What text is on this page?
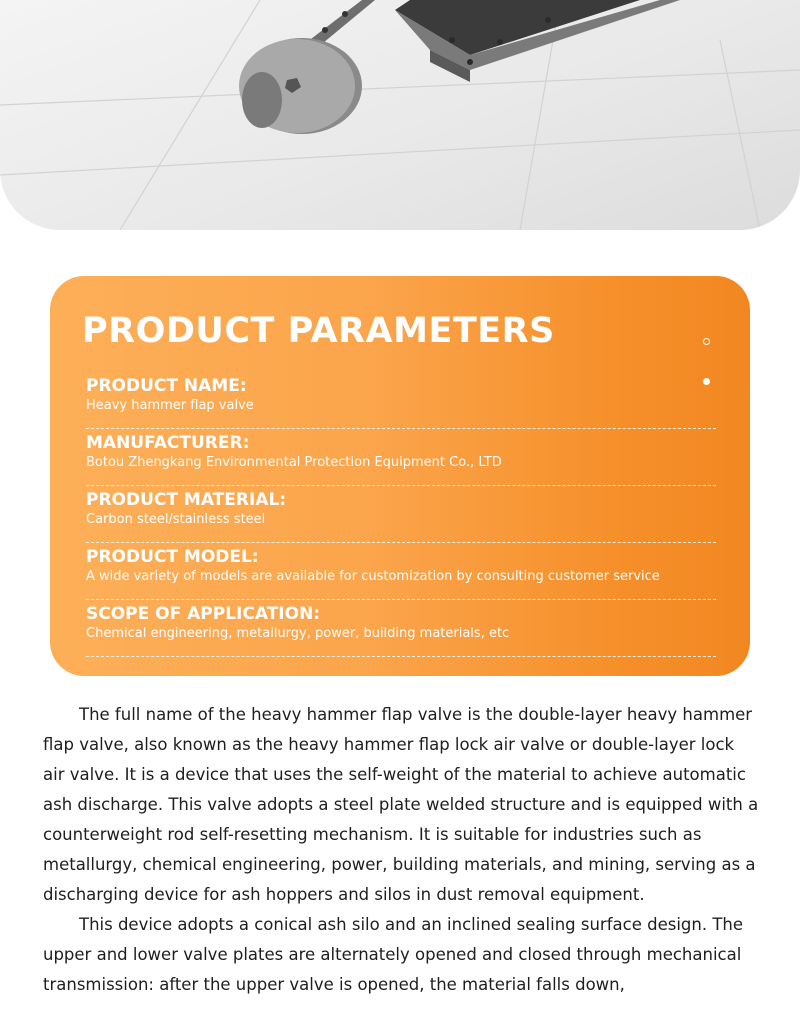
PRODUCT PARAMETERS
PRODUCT NAME:
Heavy hammer flap valve
MANUFACTURER:
Botou Zhengkang Environmental Protection Equipment Co., LTD
PRODUCT MATERIAL:
Carbon steel/stainless steel
PRODUCT MODEL:
A wide variety of models are available for customization by consulting customer service
SCOPE OF APPLICATION:
Chemical engineering, metallurgy, power, building materials, etc

The full name of the heavy hammer flap valve is the double-layer heavy hammer flap valve, also known as the heavy hammer flap lock air valve or double-layer lock air valve. It is a device that uses the self-weight of the material to achieve automatic ash discharge. This valve adopts a steel plate welded structure and is equipped with a counterweight rod self-resetting mechanism. It is suitable for industries such as metallurgy, chemical engineering, power, building materials, and mining, serving as a discharging device for ash hoppers and silos in dust removal equipment.

This device adopts a conical ash silo and an inclined sealing surface design. The upper and lower valve plates are alternately opened and closed through mechanical transmission: after the upper valve is opened, the material falls down,
